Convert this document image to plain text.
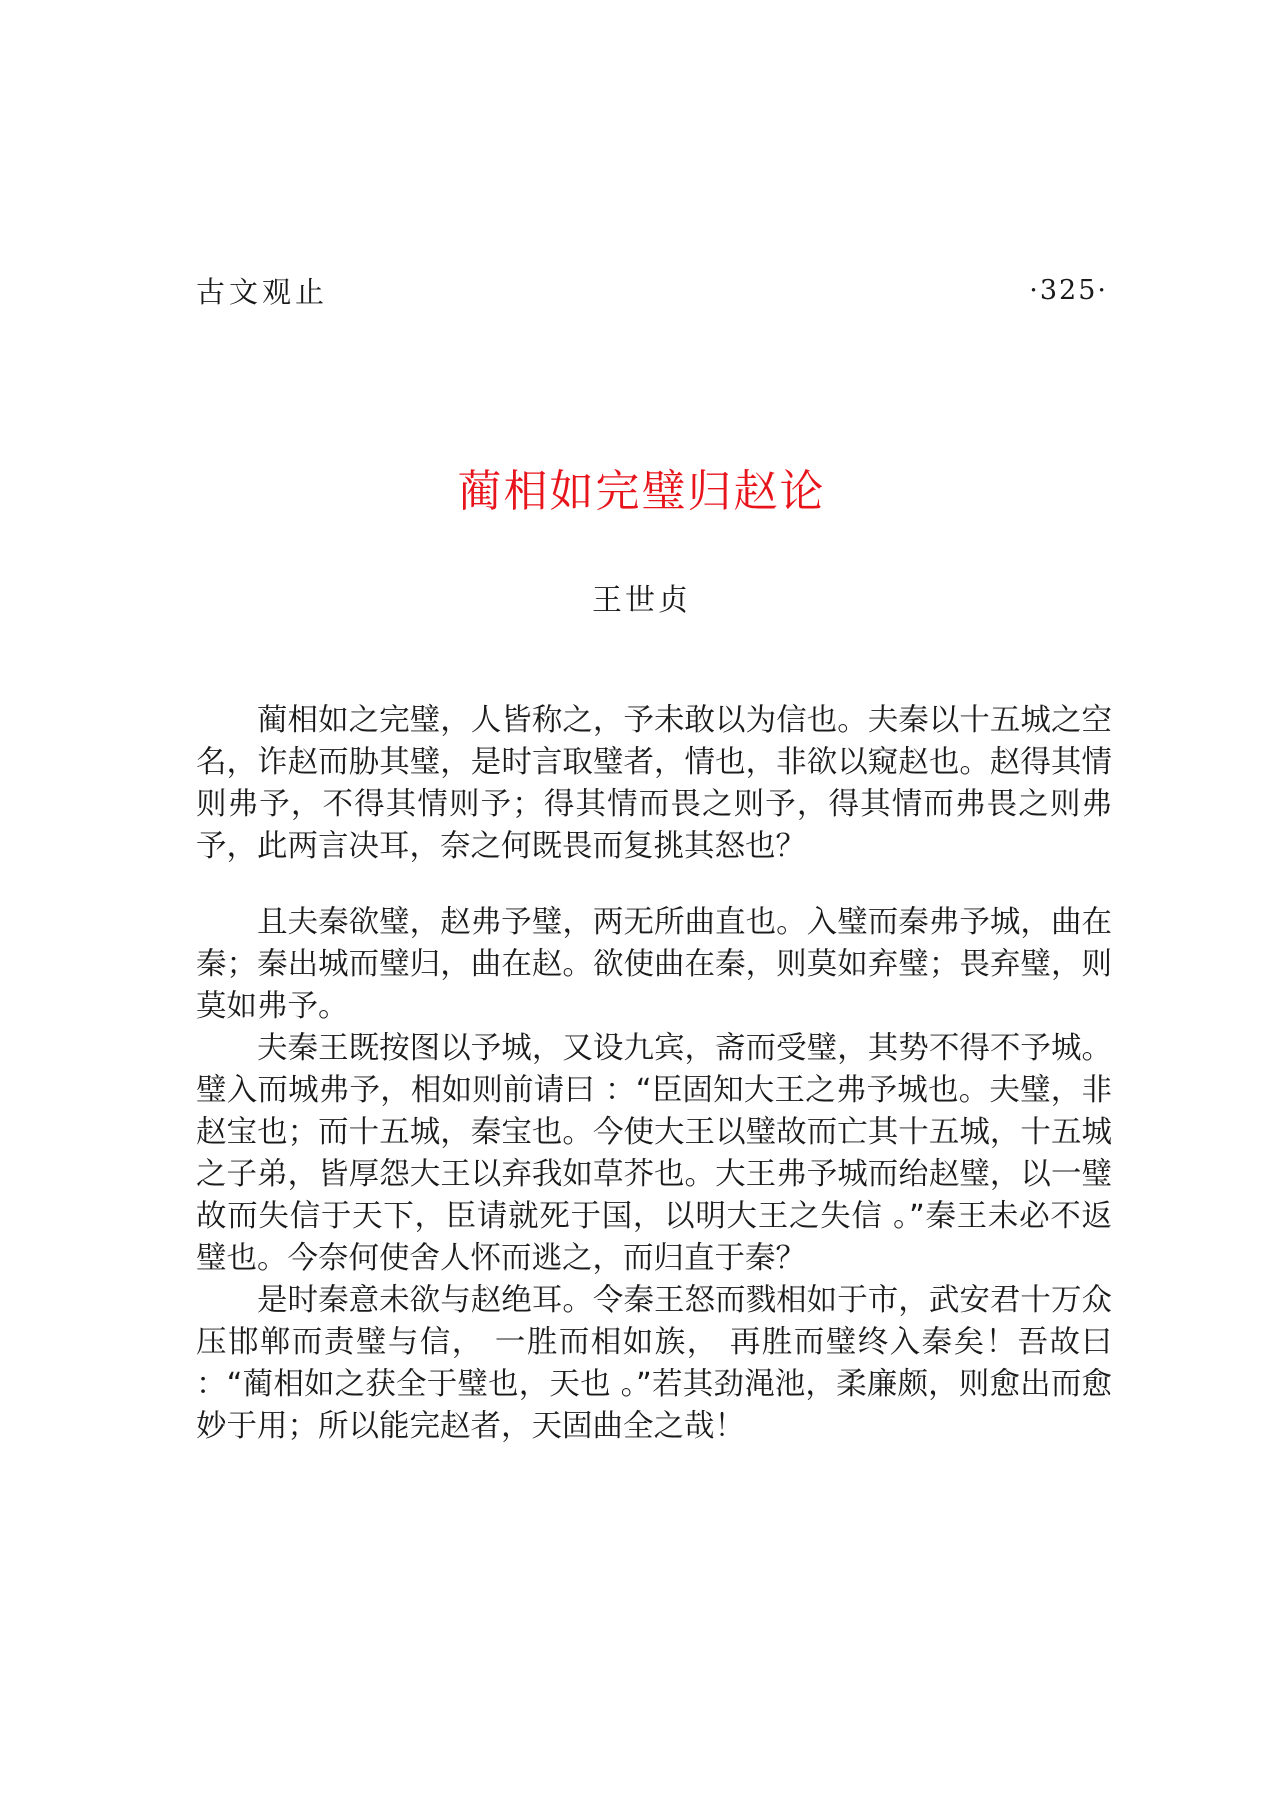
古文观止	·325·
蔺相如完璧归赵论
王世贞

蔺相如之完璧，人皆称之，予未敢以为信也。夫秦以十五城之空名，诈赵而胁其璧，是时言取璧者，情也，非欲以窥赵也。赵得其情则弗予，不得其情则予；得其情而畏之则予，得其情而弗畏之则弗予，此两言决耳，奈之何既畏而复挑其怒也？

且夫秦欲璧，赵弗予璧，两无所曲直也。入璧而秦弗予城，曲在秦；秦出城而璧归，曲在赵。欲使曲在秦，则莫如弃璧；畏弃璧，则莫如弗予。

夫秦王既按图以予城，又设九宾，斋而受璧，其势不得不予城。璧入而城弗予，相如则前请曰 ：“臣固知大王之弗予城也。夫璧，非赵宝也；而十五城，秦宝也。今使大王以璧故而亡其十五城，十五城之子弟，皆厚怨大王以弃我如草芥也。大王弗予城而绐赵璧，以一璧故而失信于天下，臣请就死于国，以明大王之失信 。”秦王未必不返璧也。今奈何使舍人怀而逃之，而归直于秦？

是时秦意未欲与赵绝耳。令秦王怒而戮相如于市，武安君十万众压邯郸而责璧与信， 一胜而相如族， 再胜而璧终入秦矣！吾故曰 ：“蔺相如之获全于璧也，天也 。”若其劲渑池，柔廉颇，则愈出而愈妙于用；所以能完赵者，天固曲全之哉！
